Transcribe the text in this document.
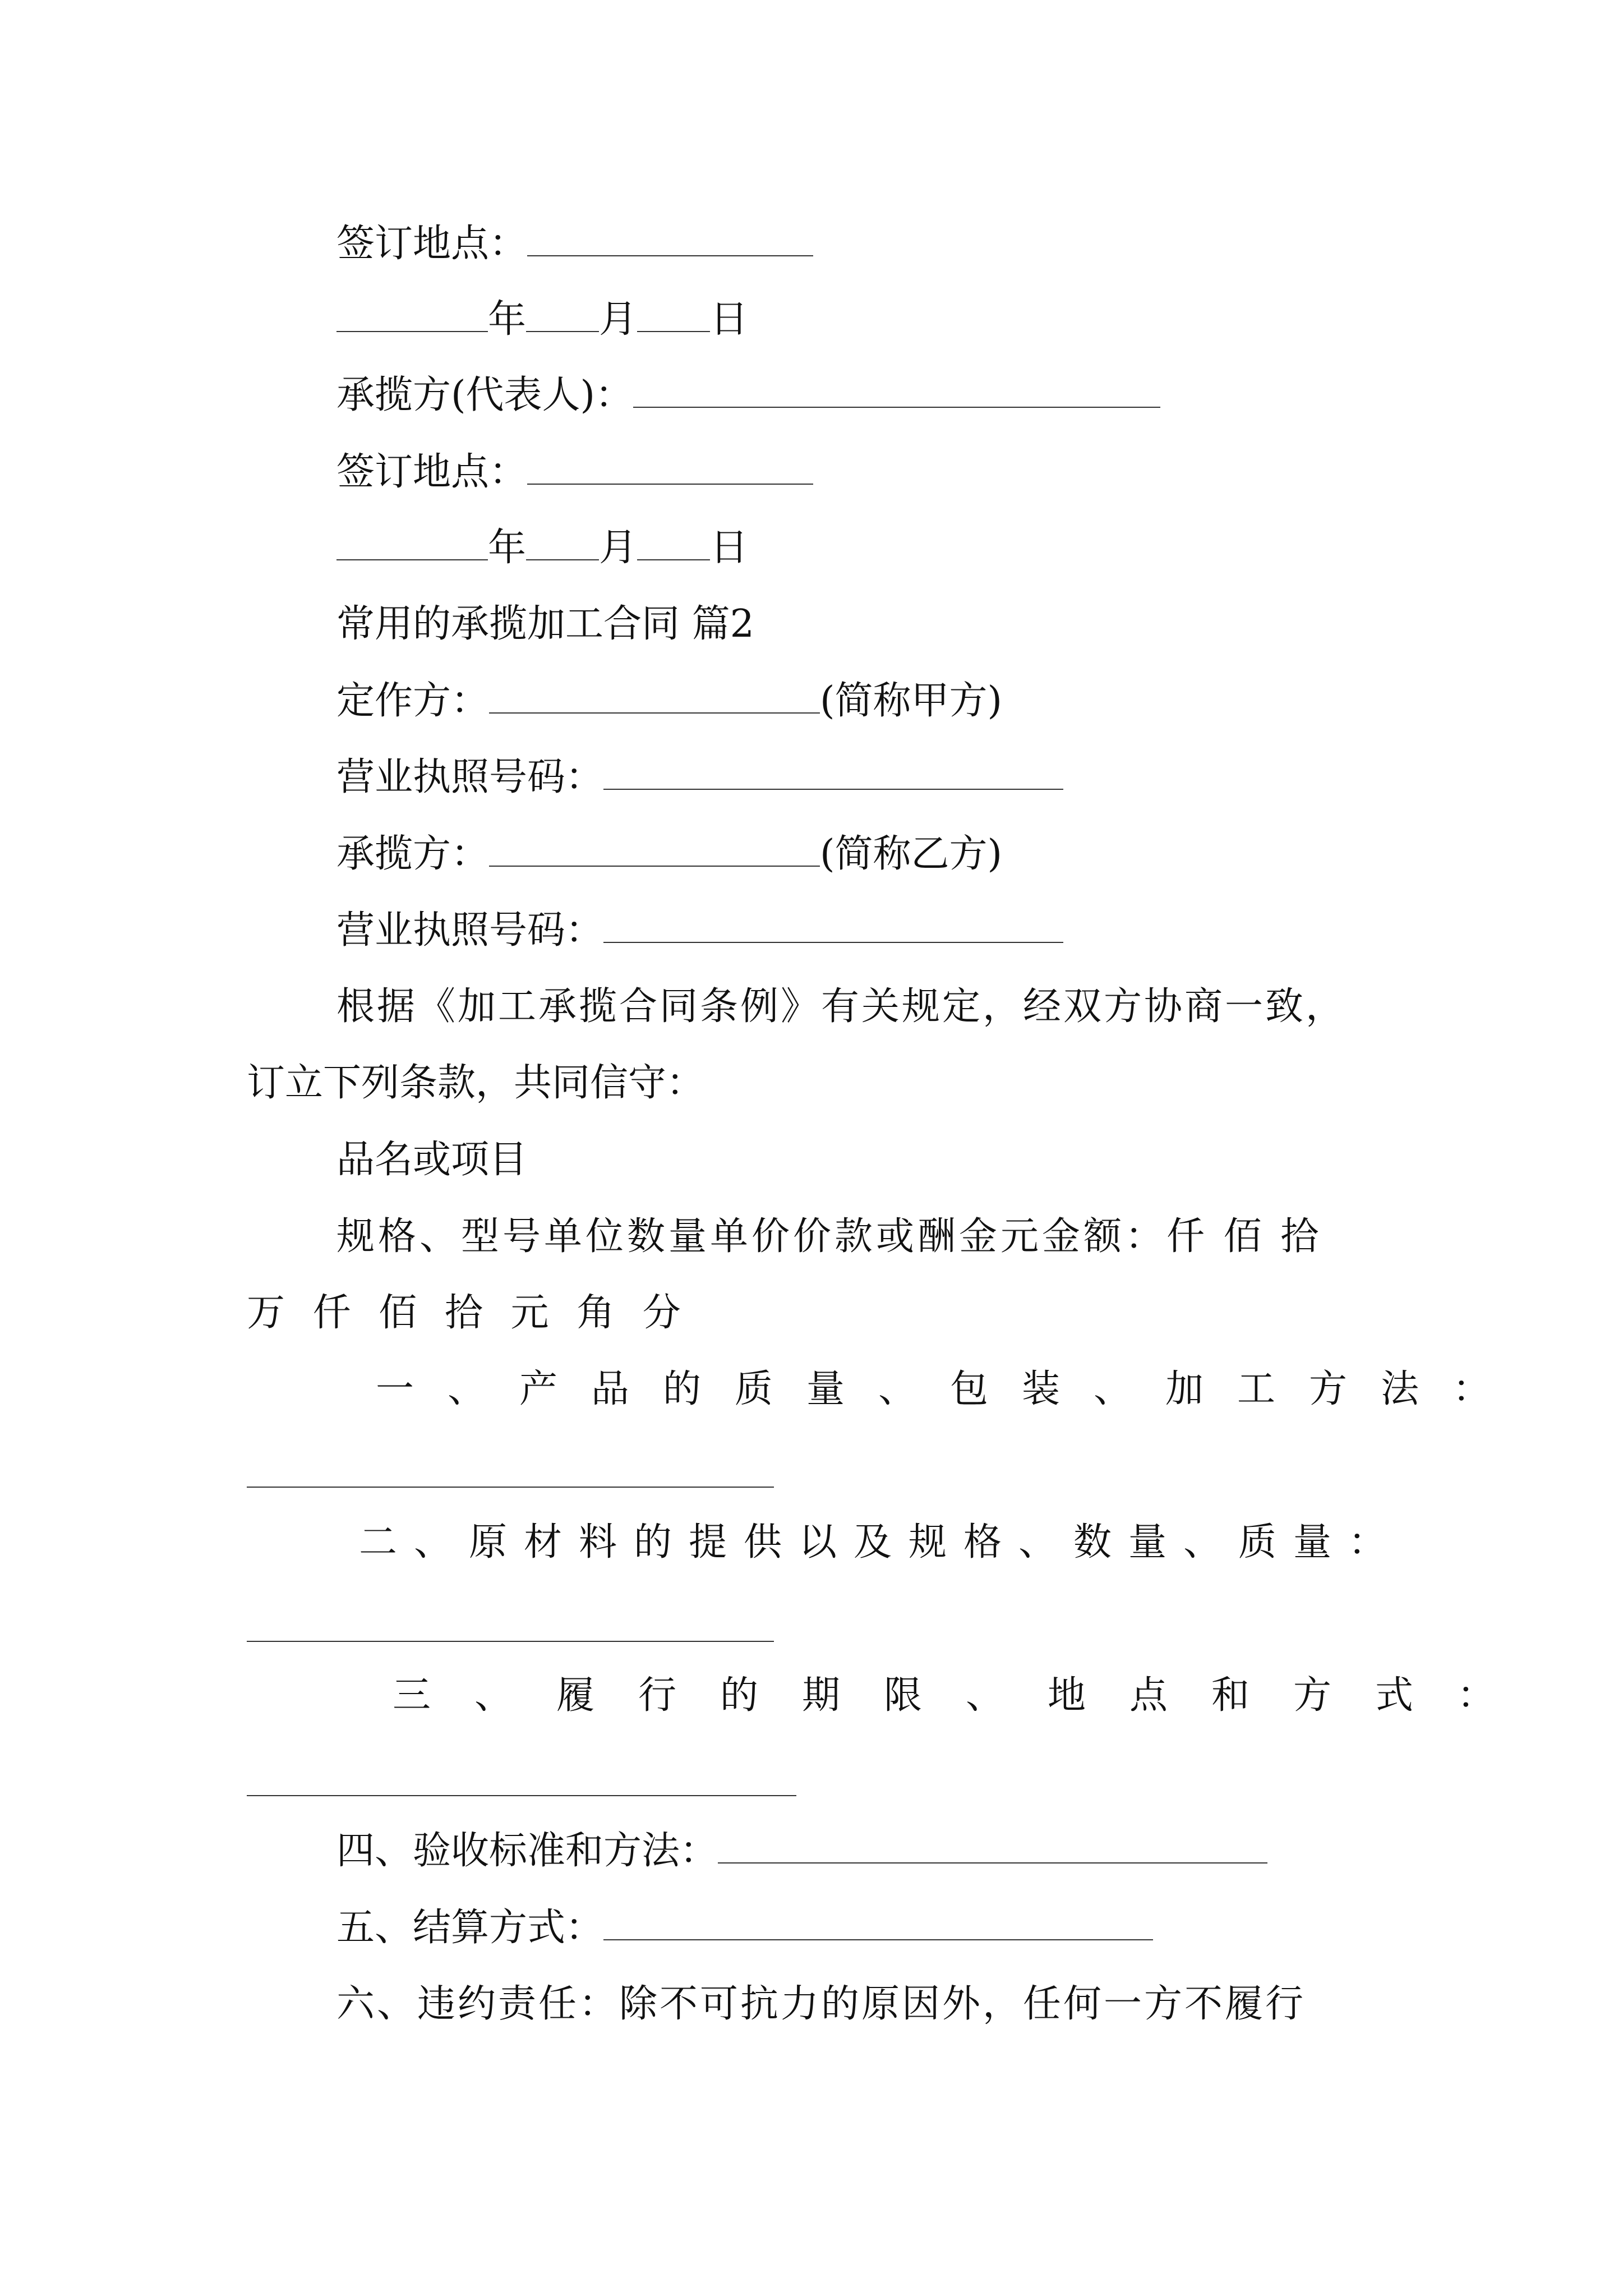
签订地点：
年 月 日
承揽方(代表人)：
签订地点：
年 月 日
常用的承揽加工合同 篇2
定作方：	(简称甲方)
营业执照号码：
承揽方：	(简称乙方)
营业执照号码：
根据《加工承揽合同条例》有关规定，经双方协商一致，
订立下列条款，共同信守：
品名或项目
规格、型号单位数量单价价款或酬金元金额：仟 佰 拾
万 仟 佰 拾 元 角 分
一、产品的质量、包装、加工方法：
二、原材料的提供以及规格、数量、质量：
三、履行的期限、地点和方式：
四、验收标准和方法：
五、结算方式：
六、违约责任：除不可抗力的原因外，任何一方不履行
